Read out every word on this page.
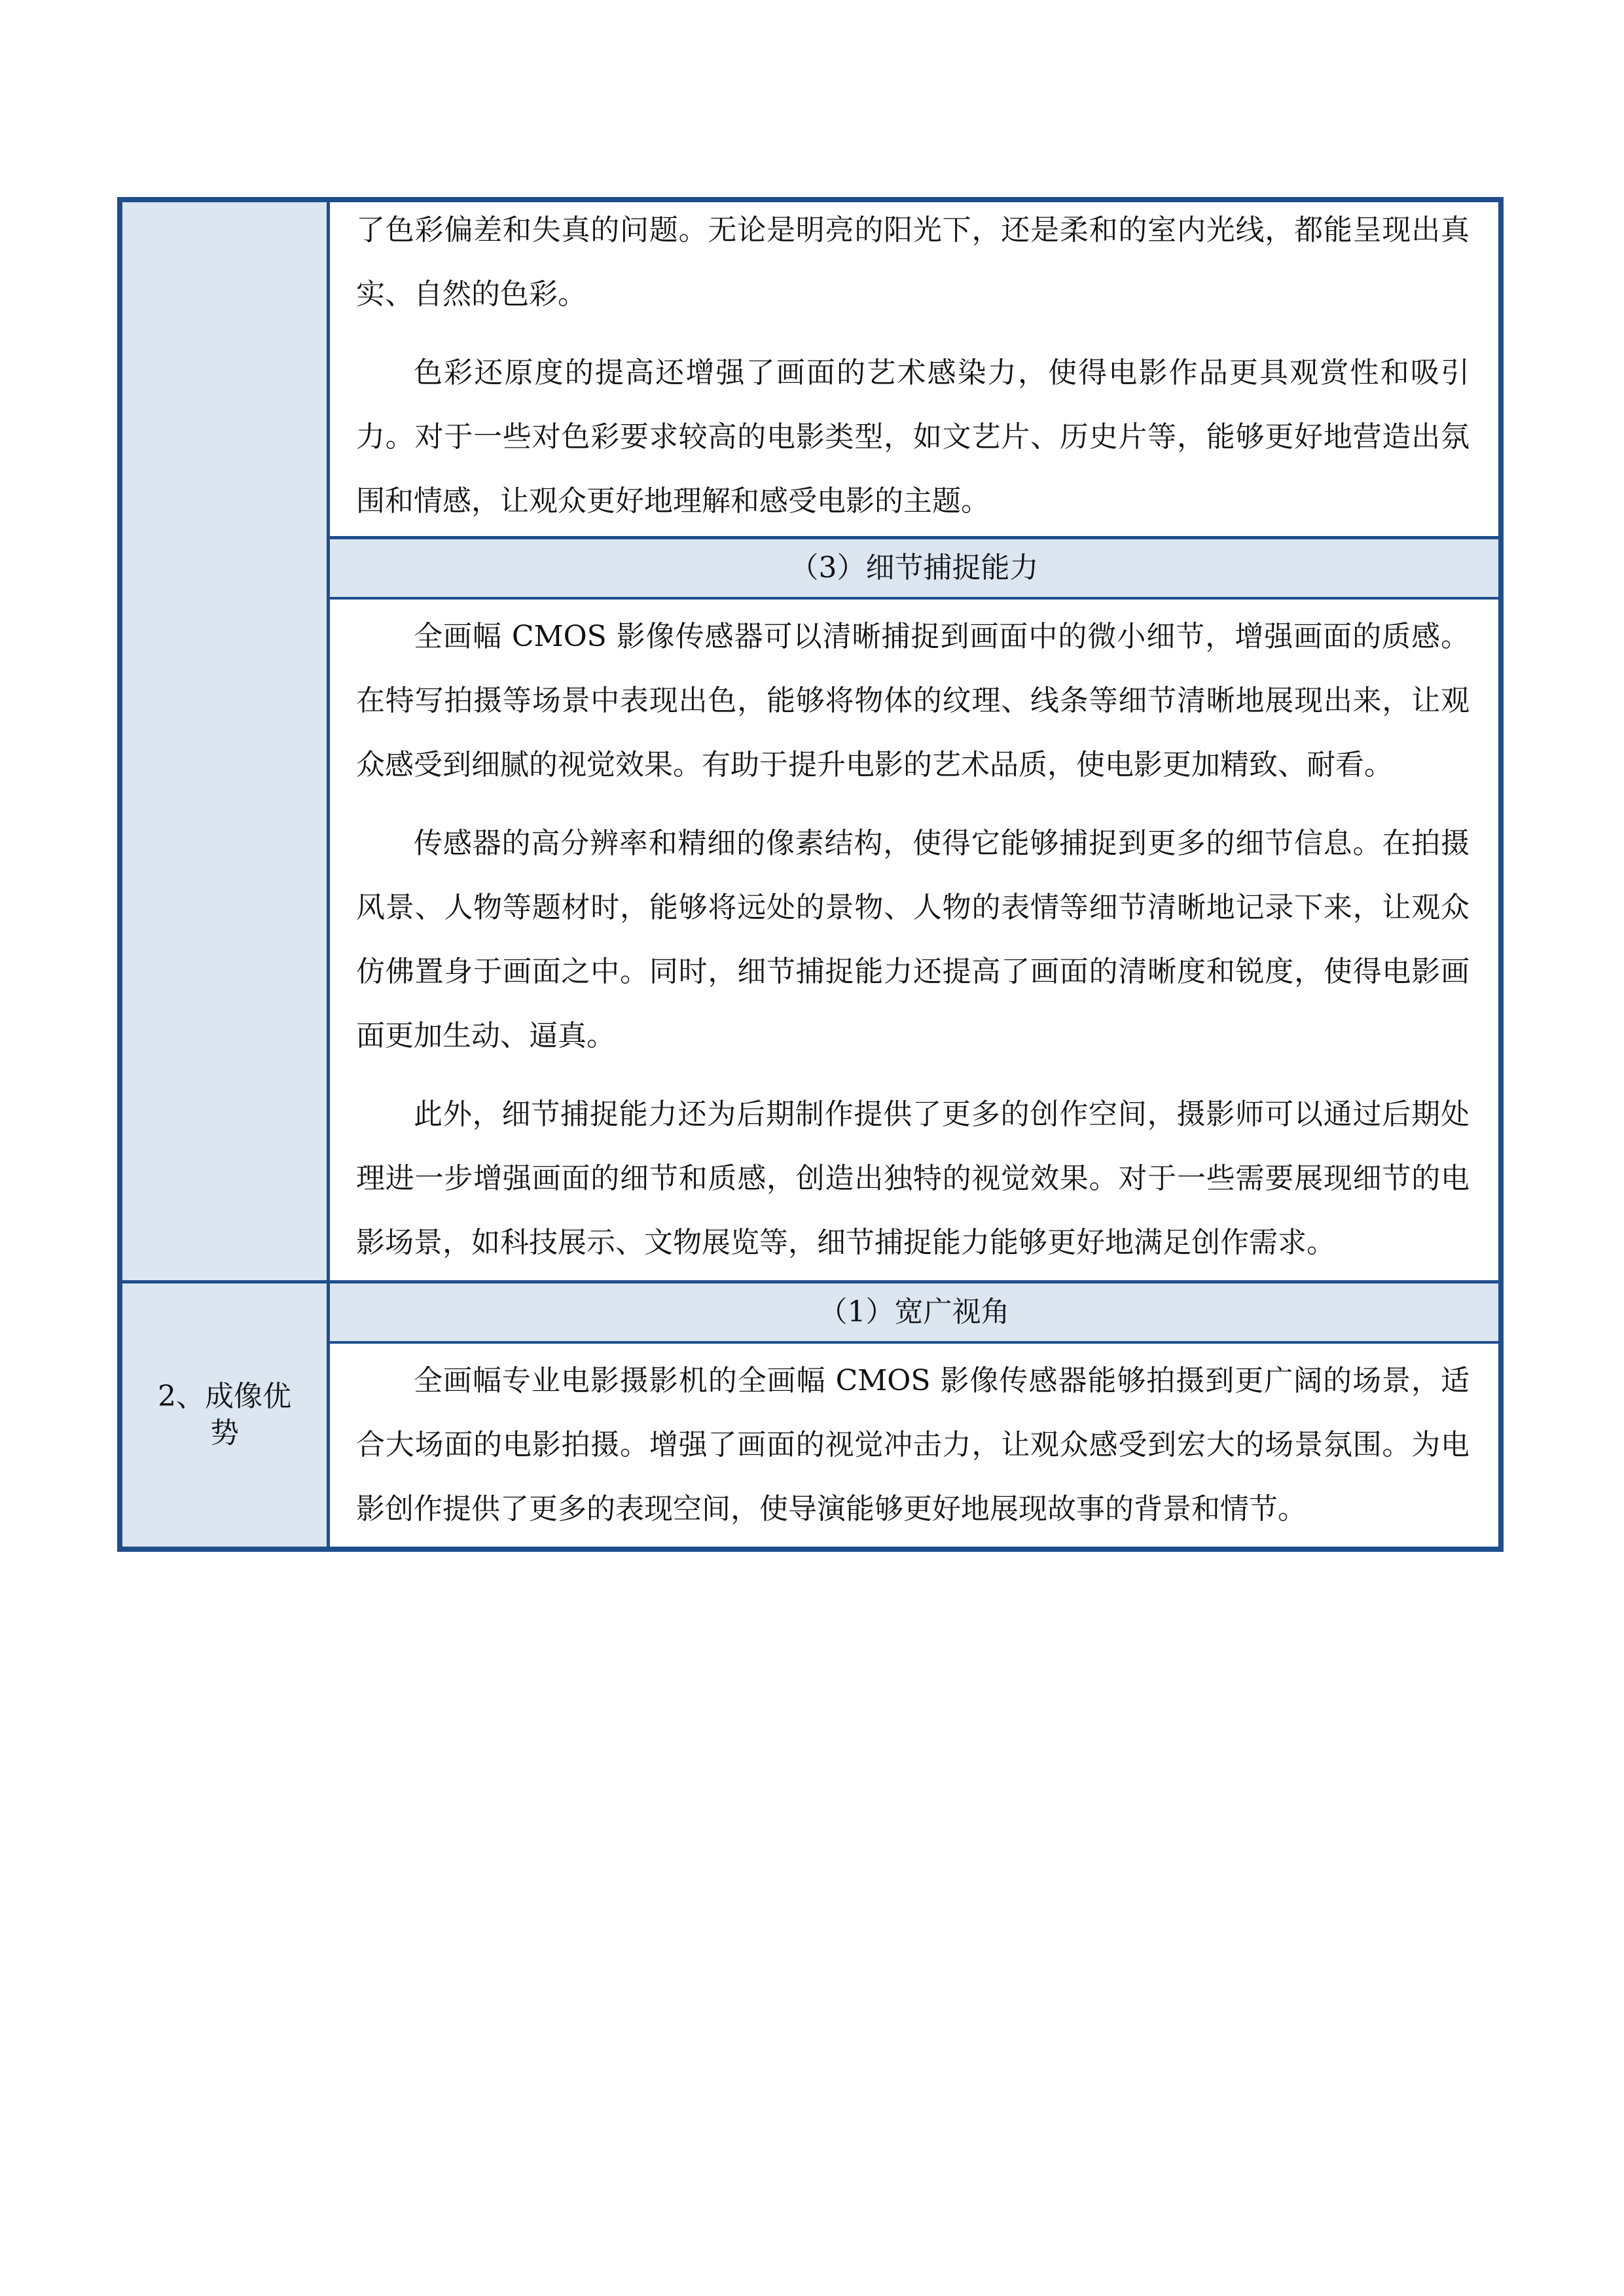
	了色彩偏差和失真的问题。无论是明亮的阳光下，还是柔和的室内光线，都能呈现出真实、自然的色彩。

色彩还原度的提高还增强了画面的艺术感染力，使得电影作品更具观赏性和吸引力。对于一些对色彩要求较高的电影类型，如文艺片、历史片等，能够更好地营造出氛围和情感，让观众更好地理解和感受电影的主题。

	（3）细节捕捉能力

	全画幅 CMOS 影像传感器可以清晰捕捉到画面中的微小细节，增强画面的质感。在特写拍摄等场景中表现出色，能够将物体的纹理、线条等细节清晰地展现出来，让观众感受到细腻的视觉效果。有助于提升电影的艺术品质，使电影更加精致、耐看。

传感器的高分辨率和精细的像素结构，使得它能够捕捉到更多的细节信息。在拍摄风景、人物等题材时，能够将远处的景物、人物的表情等细节清晰地记录下来，让观众仿佛置身于画面之中。同时，细节捕捉能力还提高了画面的清晰度和锐度，使得电影画面更加生动、逼真。

此外，细节捕捉能力还为后期制作提供了更多的创作空间，摄影师可以通过后期处理进一步增强画面的细节和质感，创造出独特的视觉效果。对于一些需要展现细节的电影场景，如科技展示、文物展览等，细节捕捉能力能够更好地满足创作需求。

2、成像优势	（1）宽广视角

	全画幅专业电影摄影机的全画幅 CMOS 影像传感器能够拍摄到更广阔的场景，适合大场面的电影拍摄。增强了画面的视觉冲击力，让观众感受到宏大的场景氛围。为电影创作提供了更多的表现空间，使导演能够更好地展现故事的背景和情节。
